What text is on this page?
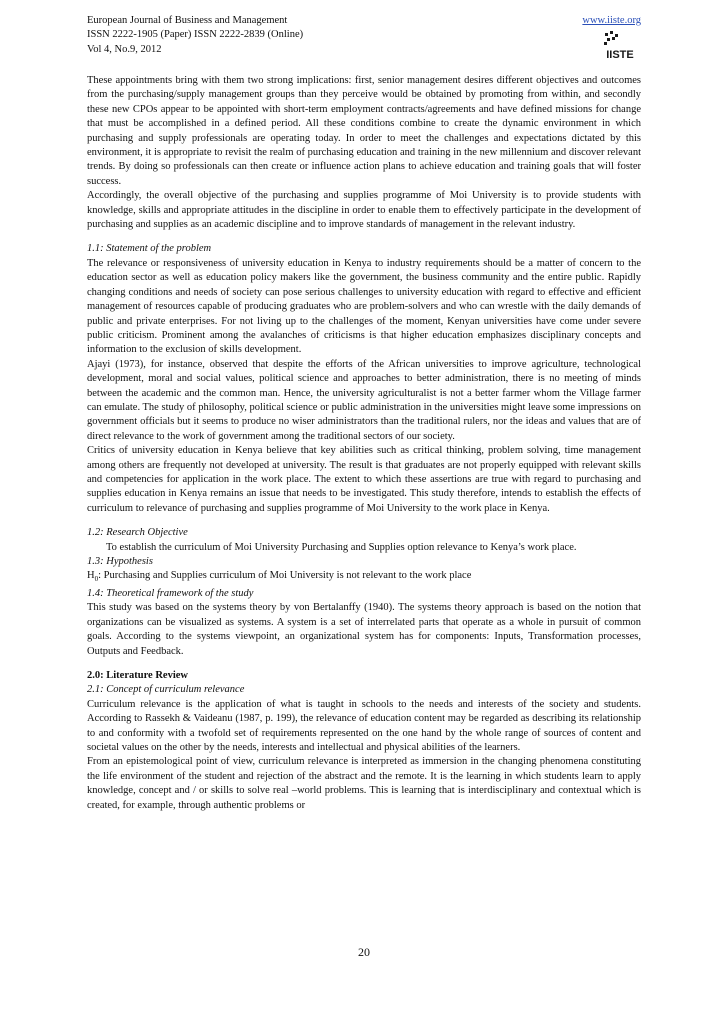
European Journal of Business and Management
ISSN 2222-1905 (Paper) ISSN 2222-2839 (Online)
Vol 4, No.9, 2012
www.iiste.org
IISTE

These appointments bring with them two strong implications: first, senior management desires different objectives and outcomes from the purchasing/supply management groups than they perceive would be obtained by promoting from within, and secondly these new CPOs appear to be appointed with short-term employment contracts/agreements and have defined missions for change that must be accomplished in a defined period. All these conditions combine to create the dynamic environment in which purchasing and supply professionals are operating today. In order to meet the challenges and expectations dictated by this environment, it is appropriate to revisit the realm of purchasing education and training in the new millennium and discover relevant trends. By doing so professionals can then create or influence action plans to achieve education and training goals that will foster success.

Accordingly, the overall objective of the purchasing and supplies programme of Moi University is to provide students with knowledge, skills and appropriate attitudes in the discipline in order to enable them to effectively participate in the development of purchasing and supplies as an academic discipline and to improve standards of management in the relevant industry.

1.1: Statement of the problem

The relevance or responsiveness of university education in Kenya to industry requirements should be a matter of concern to the education sector as well as education policy makers like the government, the business community and the entire public. Rapidly changing conditions and needs of society can pose serious challenges to university education with regard to effective and efficient management of resources capable of producing graduates who are problem-solvers and who can wrestle with the daily demands of public and private enterprises. For not living up to the challenges of the moment, Kenyan universities have come under severe public criticism. Prominent among the avalanches of criticisms is that higher education emphasizes disciplinary concepts and information to the exclusion of skills development.

Ajayi (1973), for instance, observed that despite the efforts of the African universities to improve agriculture, technological development, moral and social values, political science and approaches to better administration, there is no meeting of minds between the academic and the common man. Hence, the university agriculturalist is not a better farmer whom the Village farmer can emulate. The study of philosophy, political science or public administration in the universities might leave some impressions on government officials but it seems to produce no wiser administrators than the traditional rulers, nor the ideas and values that are of direct relevance to the work of government among the traditional sectors of our society.

Critics of university education in Kenya believe that key abilities such as critical thinking, problem solving, time management among others are frequently not developed at university. The result is that graduates are not properly equipped with relevant skills and competencies for application in the work place. The extent to which these assertions are true with regard to purchasing and supplies education in Kenya remains an issue that needs to be investigated. This study therefore, intends to establish the effects of curriculum to relevance of purchasing and supplies programme of Moi University to the work place in Kenya.

1.2: Research Objective

To establish the curriculum of Moi University Purchasing and Supplies option relevance to Kenya’s work place.

1.3: Hypothesis

$H_0$: Purchasing and Supplies curriculum of Moi University is not relevant to the work place

1.4: Theoretical framework of the study

This study was based on the systems theory by von Bertalanffy (1940). The systems theory approach is based on the notion that organizations can be visualized as systems. A system is a set of interrelated parts that operate as a whole in pursuit of common goals. According to the systems viewpoint, an organizational system has for components: Inputs, Transformation processes, Outputs and Feedback.

2.0: Literature Review

2.1: Concept of curriculum relevance

Curriculum relevance is the application of what is taught in schools to the needs and interests of the society and students. According to Rassekh & Vaideanu (1987, p. 199), the relevance of education content may be regarded as describing its relationship to and conformity with a twofold set of requirements represented on the one hand by the whole range of sources of content and societal values on the other by the needs, interests and intellectual and physical abilities of the learners.

From an epistemological point of view, curriculum relevance is interpreted as immersion in the changing phenomena constituting the life environment of the student and rejection of the abstract and the remote. It is the learning in which students learn to apply knowledge, concept and / or skills to solve real –world problems. This is learning that is interdisciplinary and contextual which is created, for example, through authentic problems or

20
